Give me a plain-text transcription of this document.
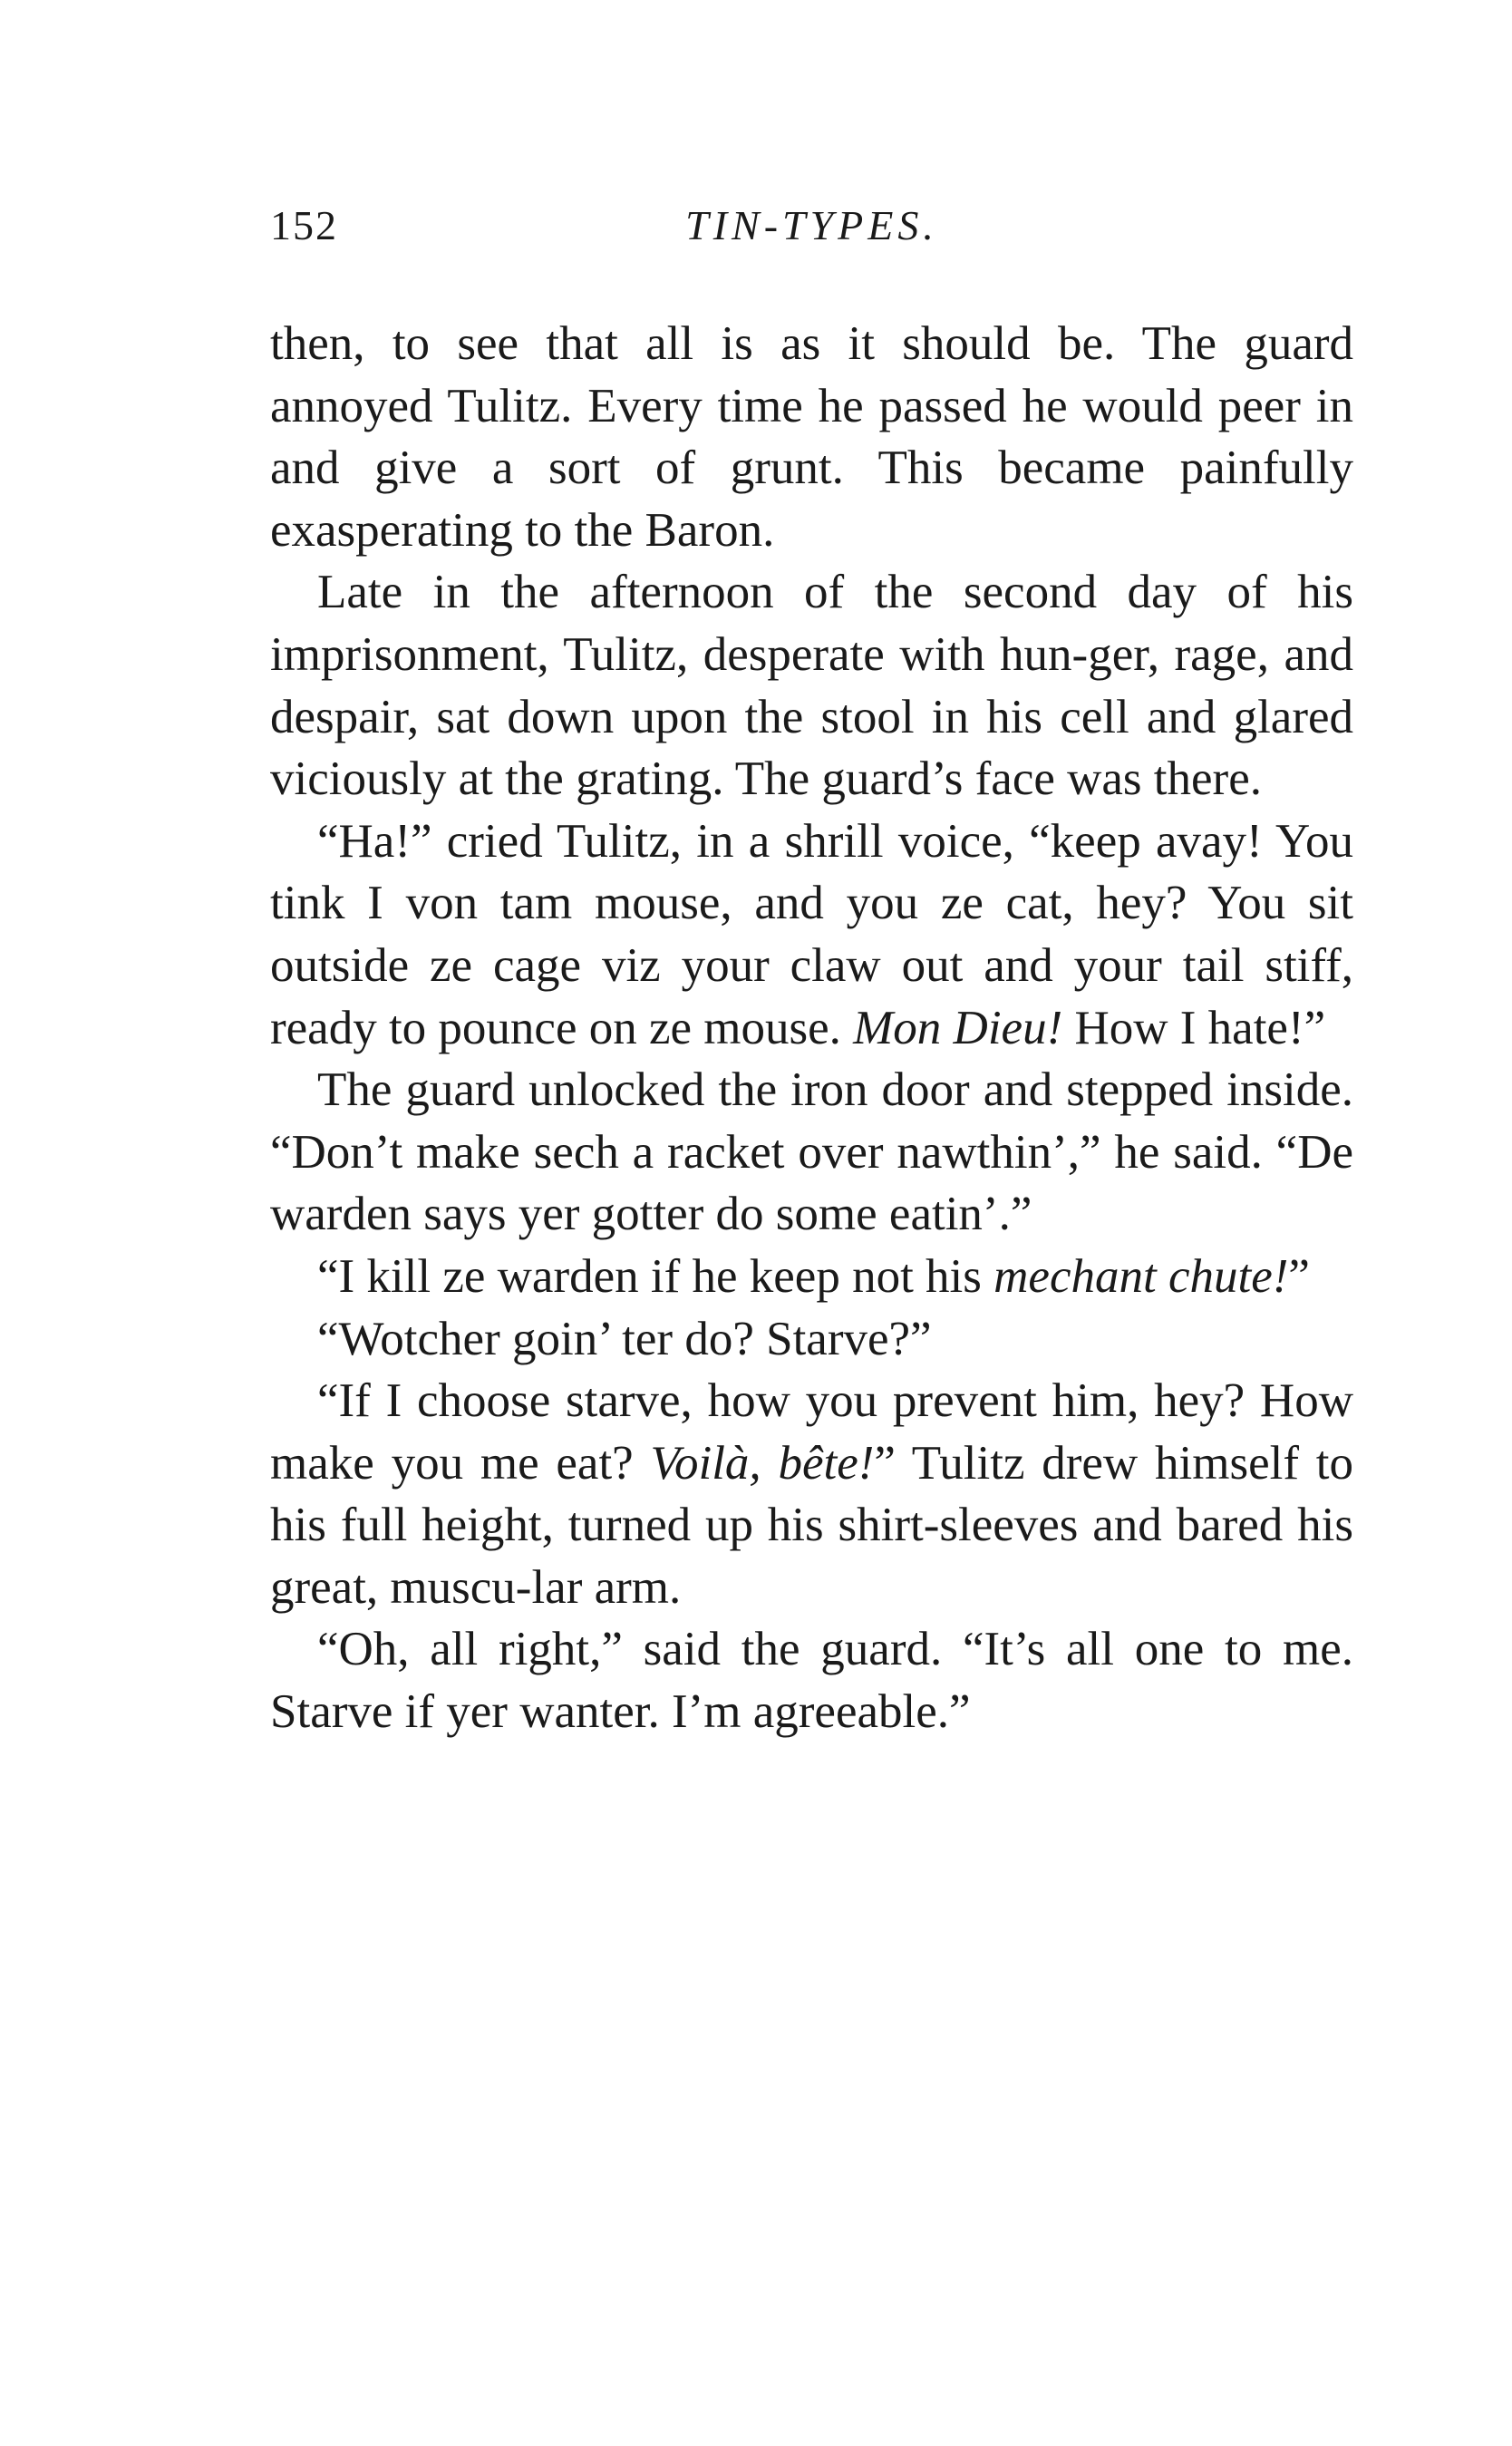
152	TIN-TYPES.

then, to see that all is as it should be. The guard annoyed Tulitz. Every time he passed he would peer in and give a sort of grunt. This became painfully exasperating to the Baron.

Late in the afternoon of the second day of his imprisonment, Tulitz, desperate with hun-ger, rage, and despair, sat down upon the stool in his cell and glared viciously at the grating. The guard’s face was there.

“Ha!” cried Tulitz, in a shrill voice, “keep avay! You tink I von tam mouse, and you ze cat, hey? You sit outside ze cage viz your claw out and your tail stiff, ready to pounce on ze mouse. Mon Dieu! How I hate!”

The guard unlocked the iron door and stepped inside. “Don’t make sech a racket over nawthin’,” he said. “De warden says yer gotter do some eatin’.”

“I kill ze warden if he keep not his mechant chute!”

“Wotcher goin’ ter do? Starve?”

“If I choose starve, how you prevent him, hey? How make you me eat? Voilà, bête!” Tulitz drew himself to his full height, turned up his shirt-sleeves and bared his great, muscu-lar arm.

“Oh, all right,” said the guard. “It’s all one to me. Starve if yer wanter. I’m agreeable.”
